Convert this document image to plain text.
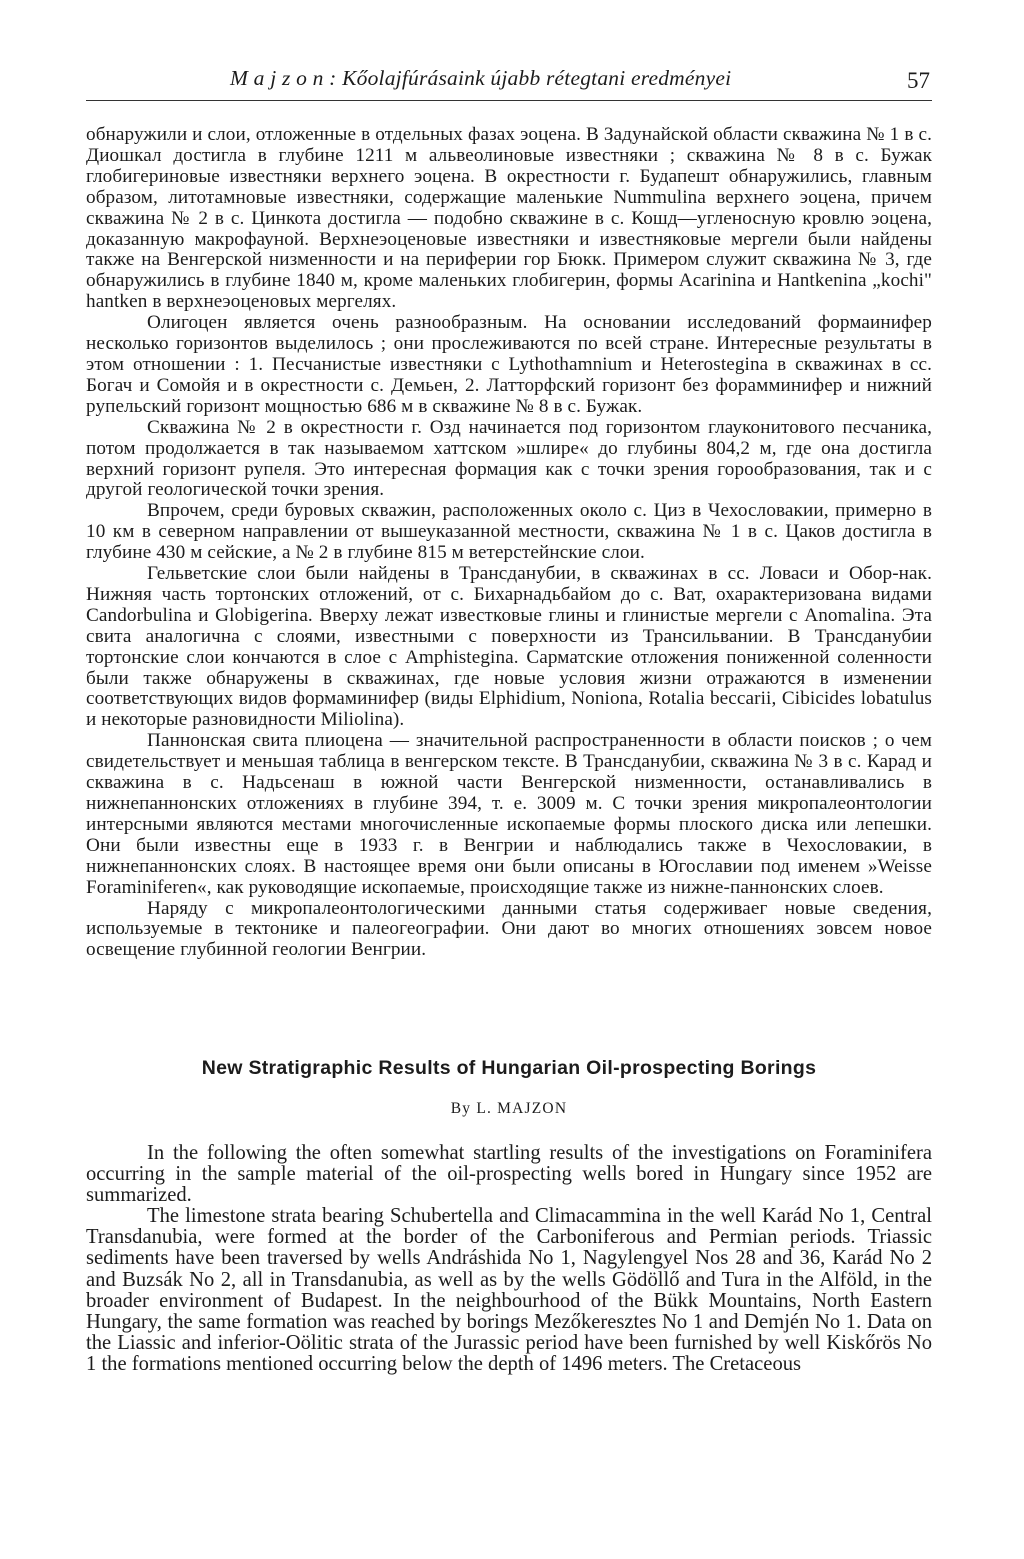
M a j z o n : Kőolajfúrásaink újabb rétegtani eredményei	57

обнаружили и слои, отложенные в отдельных фазах эоцена. В Задунайской области скважина № 1 в с. Диошкал достигла в глубине 1211 м альвеолиновые известняки ; скважина № 8 в с. Бужак глобигериновые известняки верхнего эоцена. В окрестности г. Будапешт обнаружились, главным образом, литотамновые известняки, содержащие маленькие Nummulina верхнего эоцена, причем скважина № 2 в с. Цинкота достигла — подобно скважине в с. Кошд—угленосную кровлю эоцена, доказанную макрофауной. Верхнеэоценовые известняки и известняковые мергели были найдены также на Венгерской низменности и на периферии гор Бюкк. Примером служит скважина № 3, где обнаружились в глубине 1840 м, кроме маленьких глобигерин, формы Acarinina и Hantkenina „kochi" hantken в верхнеэоценовых мергелях.

Олигоцен является очень разнообразным. На основании исследований формаинифер несколько горизонтов выделилось ; они прослеживаются по всей стране. Интересные результаты в этом отношении : 1. Песчанистые известняки с Lythothamnium и Heterostegina в скважинах в сс. Богач и Сомойя и в окрестности с. Демьен, 2. Латторфский горизонт без форамминифер и нижний рупельский горизонт мощностью 686 м в скважине № 8 в с. Бужак.

Скважина № 2 в окрестности г. Озд начинается под горизонтом глауконитового песчаника, потом продолжается в так называемом хаттском »шлире« до глубины 804,2 м, где она достигла верхний горизонт рупеля. Это интересная формация как с точки зрения горообразования, так и с другой геологической точки зрения.

Впрочем, среди буровых скважин, расположенных около с. Циз в Чехословакии, примерно в 10 км в северном направлении от вышеуказанной местности, скважина № 1 в с. Цаков достигла в глубине 430 м сейские, а № 2 в глубине 815 м ветерстейнские слои.

Гельветские слои были найдены в Трансданубии, в скважинах в сс. Ловаси и Обор-нак. Нижняя часть тортонских отложений, от с. Бихарнадьбайом до с. Ват, охарактеризована видами Candorbulina и Globigerina. Вверху лежат известковые глины и глинистые мергели с Anomalina. Эта свита аналогична с слоями, известными с поверхности из Трансильвании. В Трансданубии тортонские слои кончаются в слое с Amphistegina. Сарматские отложения пониженной соленности были также обнаружены в скважинах, где новые условия жизни отражаются в изменении соответствующих видов формаминифер (виды Elphidium, Noniona, Rotalia beccarii, Cibicides lobatulus и некоторые разновидности Miliolina).

Паннонская свита плиоцена — значительной распространенности в области поисков ; о чем свидетельствует и меньшая таблица в венгерском тексте. В Трансданубии, скважина № 3 в с. Карад и скважина в с. Надьсенаш в южной части Венгерской низменности, останавливались в нижнепаннонских отложениях в глубине 394, т. е. 3009 м. С точки зрения микропалеонтологии интерсными являются местами многочисленные ископаемые формы плоского диска или лепешки. Они были известны еще в 1933 г. в Венгрии и наблюдались также в Чехословакии, в нижнепаннонских слоях. В настоящее время они были описаны в Югославии под именем »Weisse Foraminiferen«, как руководящие ископаемые, происходящие также из нижне-паннонских слоев.

Наряду с микропалеонтологическими данными статья содерживаег новые сведения, используемые в тектонике и палеогеографии. Они дают во многих отношениях зовсем новое освещение глубинной геологии Венгрии.

New Stratigraphic Results of Hungarian Oil-prospecting Borings
By L. MAJZON

In the following the often somewhat startling results of the investigations on Foraminifera occurring in the sample material of the oil-prospecting wells bored in Hungary since 1952 are summarized.

The limestone strata bearing Schubertella and Climacammina in the well Karád No 1, Central Transdanubia, were formed at the border of the Carboniferous and Permian periods. Triassic sediments have been traversed by wells Andráshida No 1, Nagylengyel Nos 28 and 36, Karád No 2 and Buzsák No 2, all in Transdanubia, as well as by the wells Gödöllő and Tura in the Alföld, in the broader environment of Budapest. In the neighbourhood of the Bükk Mountains, North Eastern Hungary, the same formation was reached by borings Mezőkeresztes No 1 and Demjén No 1. Data on the Liassic and inferior-Oölitic strata of the Jurassic period have been furnished by well Kiskőrös No 1 the formations mentioned occurring below the depth of 1496 meters. The Cretaceous
